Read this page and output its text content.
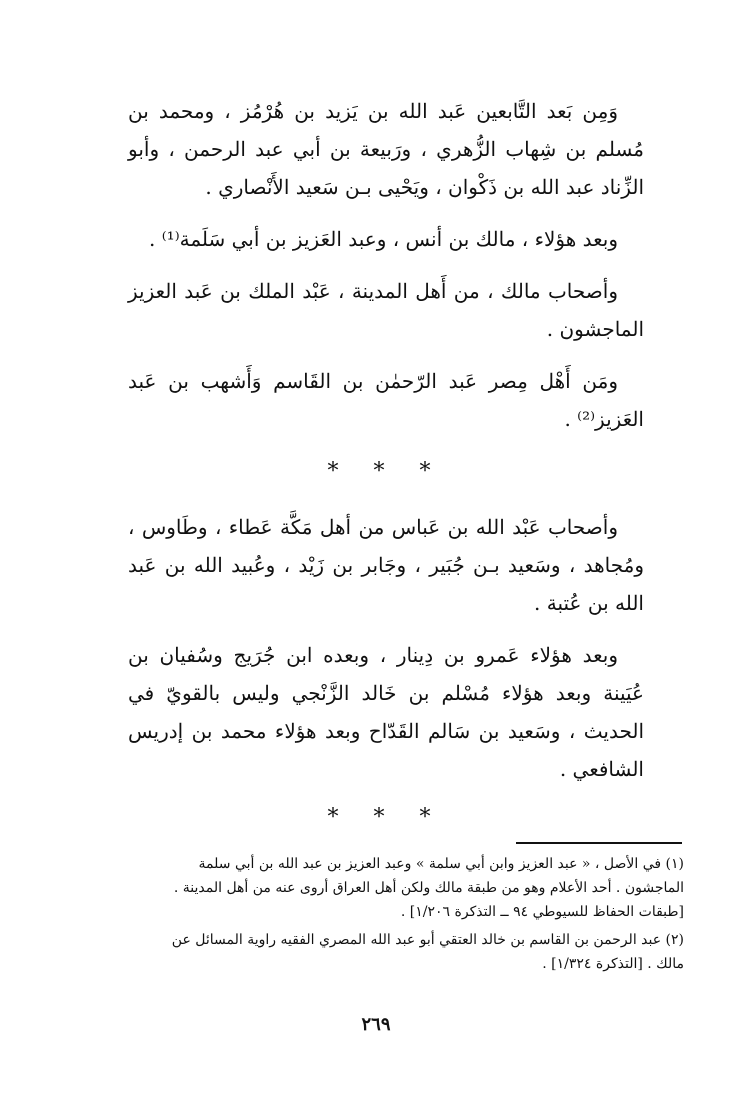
وَمِن بَعد التَّابعين عَبد الله بن يَزيد بن هُرْمُز ، ومحمد بن مُسلم بن شِهاب الزُّهري ، ورَبيعة بن أبي عبد الرحمن ، وأبو الزِّناد عبد الله بن ذَكْوان ، ويَحْيى بـن سَعيد الأَنْصاري .

وبعد هؤلاء ، مالك بن أنس ، وعبد العَزيز بن أبي سَلَمة⁽¹⁾ .

وأصحاب مالك ، من أَهل المدينة ، عَبْد الملك بن عَبد العزيز الماجشون .

ومَن أَهْل مِصر عَبد الرّحمٰن بن القَاسم وَأَشهب بن عَبد العَزيز⁽²⁾ .

* * *

وأصحاب عَبْد الله بن عَباس من أهل مَكَّة عَطاء ، وطَاوس ، ومُجاهد ، وسَعيد بـن جُبَير ، وجَابر بن زَيْد ، وعُبيد الله بن عَبد الله بن عُتبة .

وبعد هؤلاء عَمرو بن دِينار ، وبعده ابن جُرَيج وسُفيان بن عُيَينة وبعد هؤلاء مُسْلم بن خَالد الزَّنْجي وليس بالقويّ في الحديث ، وسَعيد بن سَالم القَدّاح وبعد هؤلاء محمد بن إدريس الشافعي .

* * *
(١) في الأصل ، « عبد العزيز وابن أبي سلمة » وعبد العزيز بن عبد الله بن أبي سلمة
الماجشون . أحد الأعلام وهو من طبقة مالك ولكن أهل العراق أروى عنه من أهل المدينة .
[طبقات الحفاظ للسيوطي ٩٤ ــ التذكرة ١/٢٠٦] .
(٢) عبد الرحمن بن القاسم بن خالد العتقي أبو عبد الله المصري الفقيه راوية المسائل عن
مالك . [التذكرة ١/٣٢٤] .
٢٦٩
